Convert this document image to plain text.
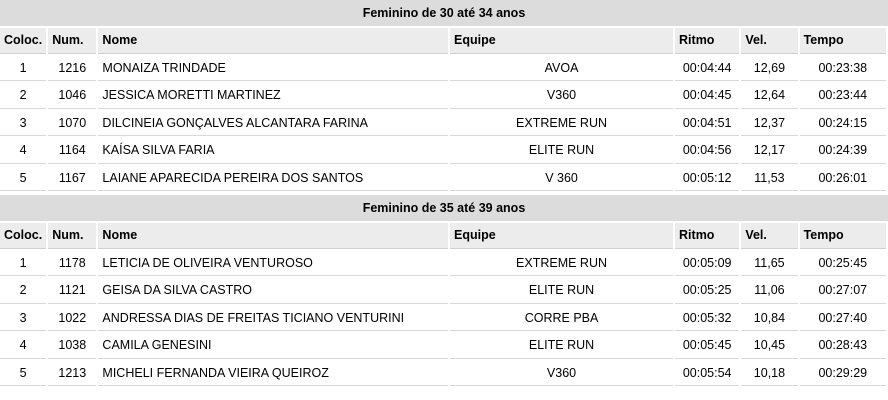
Feminino de 30 até 34 anos
Coloc.	Num.	Nome	Equipe	Ritmo	Vel.	Tempo
1	1216	MONAIZA TRINDADE	AVOA	00:04:44	12,69	00:23:38
2	1046	JESSICA MORETTI MARTINEZ	V360	00:04:45	12,64	00:23:44
3	1070	DILCINEIA GONÇALVES ALCANTARA FARINA	EXTREME RUN	00:04:51	12,37	00:24:15
4	1164	KAÍSA SILVA FARIA	ELITE RUN	00:04:56	12,17	00:24:39
5	1167	LAIANE APARECIDA PEREIRA DOS SANTOS	V 360	00:05:12	11,53	00:26:01
Feminino de 35 até 39 anos
Coloc.	Num.	Nome	Equipe	Ritmo	Vel.	Tempo
1	1178	LETICIA DE OLIVEIRA VENTUROSO	EXTREME RUN	00:05:09	11,65	00:25:45
2	1121	GEISA DA SILVA CASTRO	ELITE RUN	00:05:25	11,06	00:27:07
3	1022	ANDRESSA DIAS DE FREITAS TICIANO VENTURINI	CORRE PBA	00:05:32	10,84	00:27:40
4	1038	CAMILA GENESINI	ELITE RUN	00:05:45	10,45	00:28:43
5	1213	MICHELI FERNANDA VIEIRA QUEIROZ	V360	00:05:54	10,18	00:29:29
